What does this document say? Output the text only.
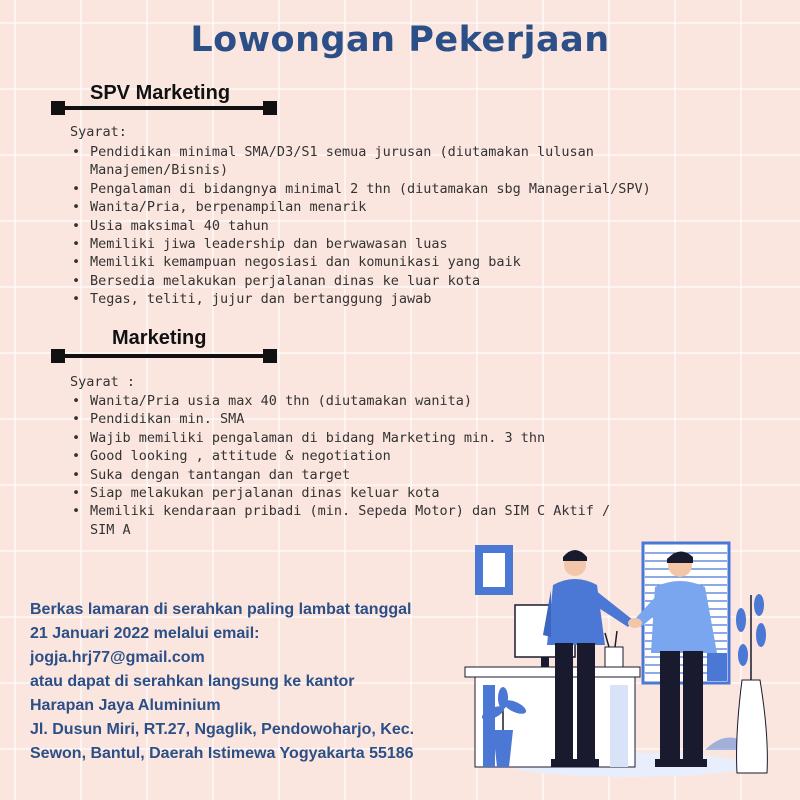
Lowongan Pekerjaan
SPV Marketing
Syarat:
• Pendidikan minimal SMA/D3/S1 semua jurusan (diutamakan lulusan Manajemen/Bisnis)
• Pengalaman di bidangnya minimal 2 thn (diutamakan sbg Managerial/SPV)
• Wanita/Pria, berpenampilan menarik
• Usia maksimal 40 tahun
• Memiliki jiwa leadership dan berwawasan luas
• Memiliki kemampuan negosiasi dan komunikasi yang baik
• Bersedia melakukan perjalanan dinas ke luar kota
• Tegas, teliti, jujur dan bertanggung jawab
Marketing
Syarat :
• Wanita/Pria usia max 40 thn (diutamakan wanita)
• Pendidikan min. SMA
• Wajib memiliki pengalaman di bidang Marketing min. 3 thn
• Good looking , attitude & negotiation
• Suka dengan tantangan dan target
• Siap melakukan perjalanan dinas keluar kota
• Memiliki kendaraan pribadi (min. Sepeda Motor) dan SIM C Aktif / SIM A
Berkas lamaran di serahkan paling lambat tanggal
21 Januari 2022 melalui email:
jogja.hrj77@gmail.com
atau dapat di serahkan langsung ke kantor
Harapan Jaya Aluminium
Jl. Dusun Miri, RT.27, Ngaglik, Pendowoharjo, Kec.
Sewon, Bantul, Daerah Istimewa Yogyakarta 55186
